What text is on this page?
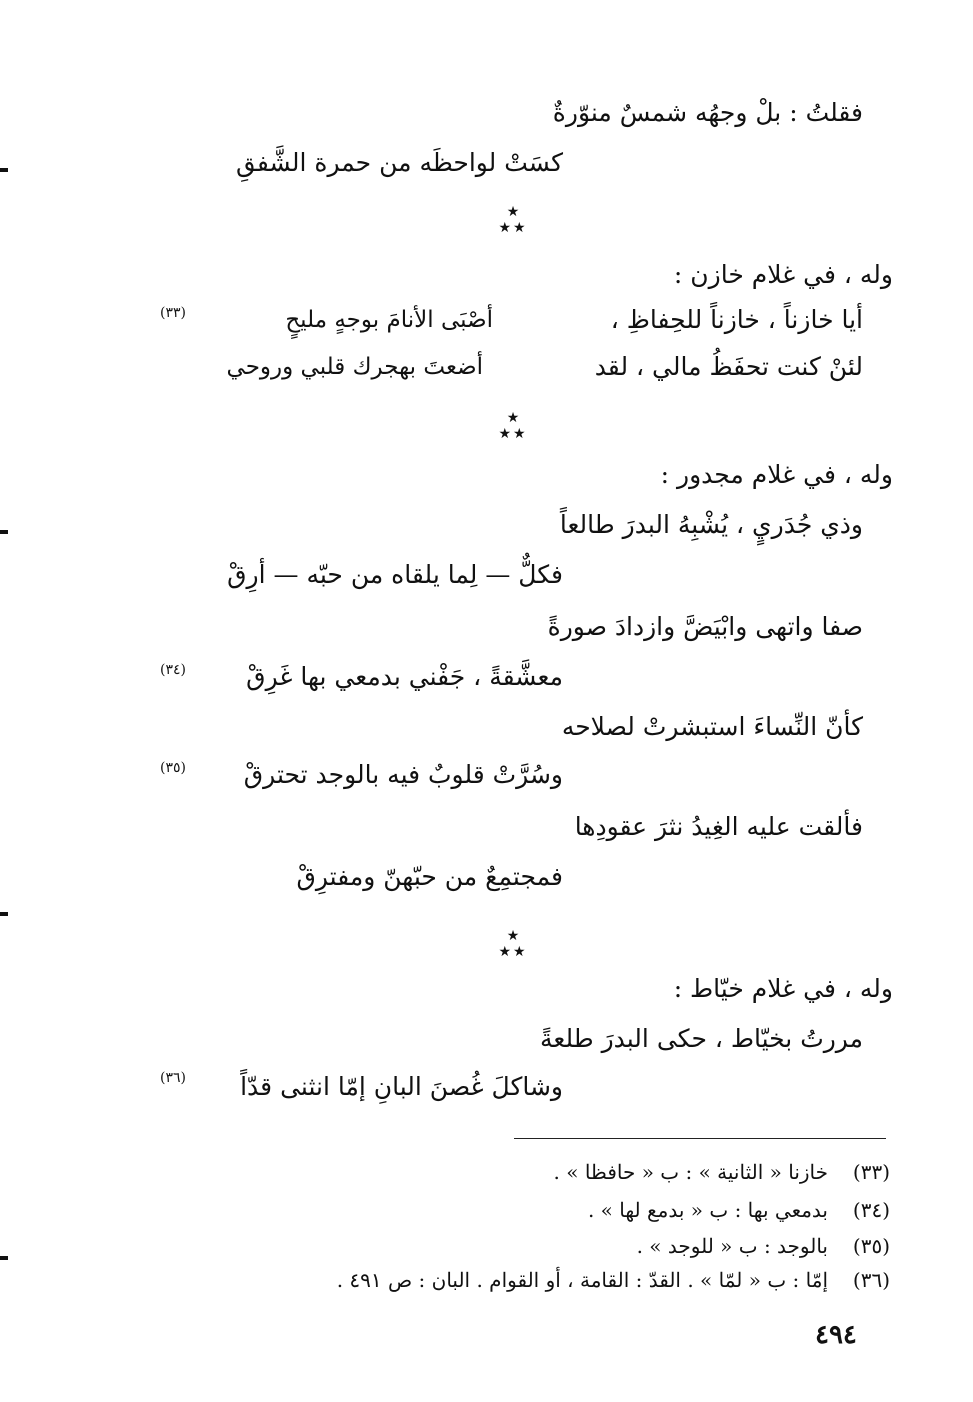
فقلتُ : بلْ وجهُه شمسٌ منوّرةٌ
كسَتْ لواحظَه من حمرة الشَّفقِ
★
★★
وله ، في غلام خازن :
أيا خازناً ، خازناً للحِفاظِ ،
أصْبَى الأنامَ بوجهٍ مليحٍ
(٣٣)
لئنْ كنت تحفَظُ مالي ، لقد
أضعتَ بهجرك قلبي وروحي
★
★★
وله ، في غلام مجدور :
وذي جُدَريٍ ، يُشْبِهُ البدرَ طالعاً
فكلٌّ — لِما يلقاه من حبّه — أرِقْ
صفا واتهى وابْيَضَّ وازدادَ صورةً
معشَّقةً ، جَفْني بدمعي بها غَرِقْ
(٣٤)
كأنّ النِّساءَ استبشرتْ لصلاحه
وسُرَّتْ قلوبٌ فيه بالوجد تحترقْ
(٣٥)
فألقت عليه الغِيدُ نثرَ عقودِها
فمجتمِعٌ من حبّهنّ ومفترِقْ
★
★★
وله ، في غلام خيّاط :
مررتُ بخيّاط ، حكى البدرَ طلعةً
وشاكلَ غُصنَ البانِ إمّا انثنى قدّاً
(٣٦)
(٣٣)
خازنا « الثانية » : ب « حافظا » .
(٣٤)
بدمعي بها : ب « بدمع لها » .
(٣٥)
بالوجد : ب « للوجد » .
(٣٦)
إمّا : ب « لمّا » . القدّ : القامة ، أو القوام . البان : ص ٤٩١ .
٤٩٤
